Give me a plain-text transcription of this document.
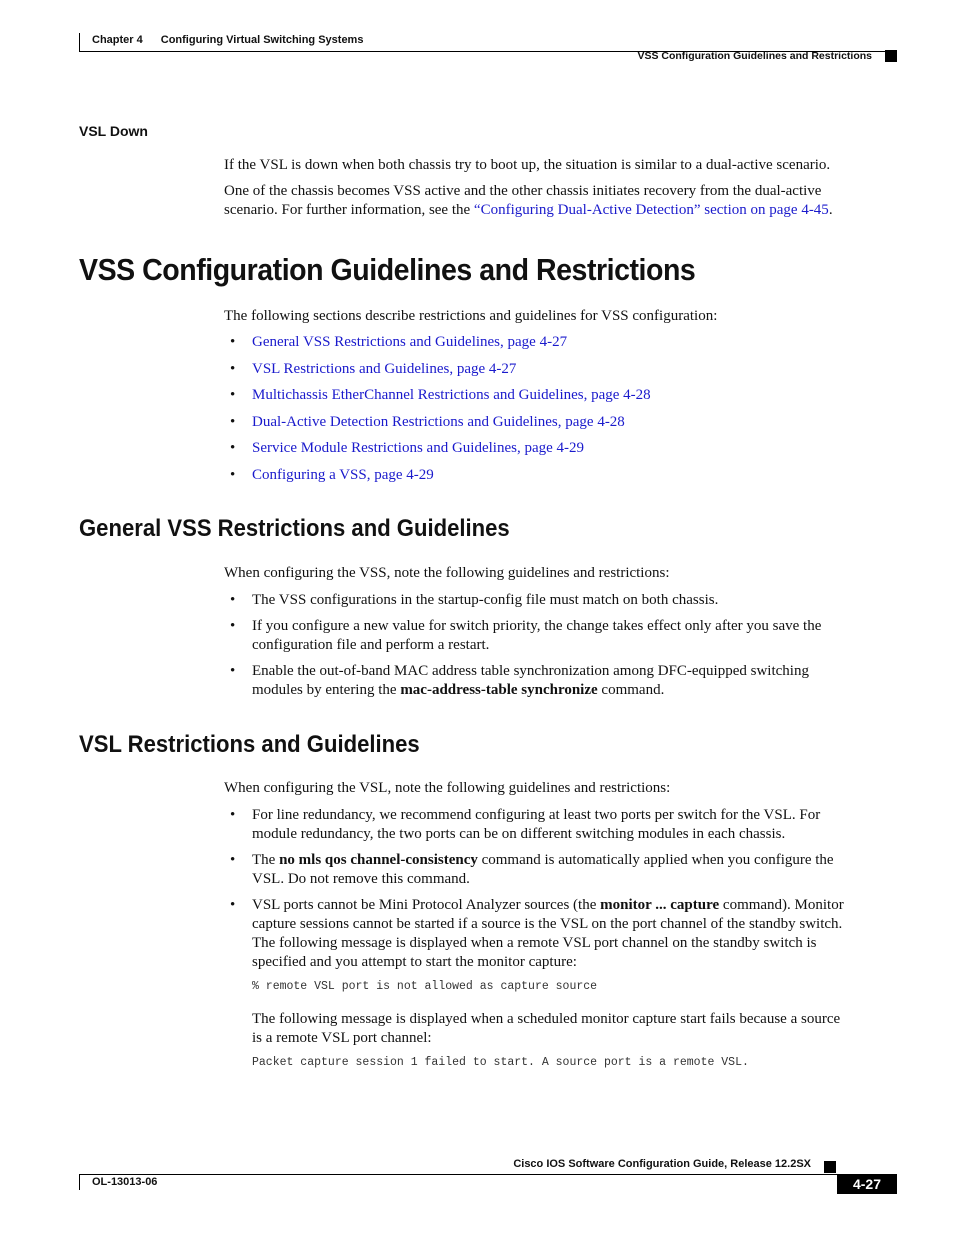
Chapter 4 Configuring Virtual Switching Systems
VSS Configuration Guidelines and Restrictions
VSL Down
If the VSL is down when both chassis try to boot up, the situation is similar to a dual-active scenario.
One of the chassis becomes VSS active and the other chassis initiates recovery from the dual-active
scenario. For further information, see the “Configuring Dual-Active Detection” section on page 4-45.
VSS Configuration Guidelines and Restrictions
The following sections describe restrictions and guidelines for VSS configuration:
• General VSS Restrictions and Guidelines, page 4-27
• VSL Restrictions and Guidelines, page 4-27
• Multichassis EtherChannel Restrictions and Guidelines, page 4-28
• Dual-Active Detection Restrictions and Guidelines, page 4-28
• Service Module Restrictions and Guidelines, page 4-29
• Configuring a VSS, page 4-29
General VSS Restrictions and Guidelines
When configuring the VSS, note the following guidelines and restrictions:
• The VSS configurations in the startup-config file must match on both chassis.
• If you configure a new value for switch priority, the change takes effect only after you save the
configuration file and perform a restart.
• Enable the out-of-band MAC address table synchronization among DFC-equipped switching
modules by entering the mac-address-table synchronize command.
VSL Restrictions and Guidelines
When configuring the VSL, note the following guidelines and restrictions:
• For line redundancy, we recommend configuring at least two ports per switch for the VSL. For
module redundancy, the two ports can be on different switching modules in each chassis.
• The no mls qos channel-consistency command is automatically applied when you configure the
VSL. Do not remove this command.
• VSL ports cannot be Mini Protocol Analyzer sources (the monitor ... capture command). Monitor
capture sessions cannot be started if a source is the VSL on the port channel of the standby switch.
The following message is displayed when a remote VSL port channel on the standby switch is
specified and you attempt to start the monitor capture:
% remote VSL port is not allowed as capture source
The following message is displayed when a scheduled monitor capture start fails because a source
is a remote VSL port channel:
Packet capture session 1 failed to start. A source port is a remote VSL.
Cisco IOS Software Configuration Guide, Release 12.2SX
OL-13013-06	4-27
